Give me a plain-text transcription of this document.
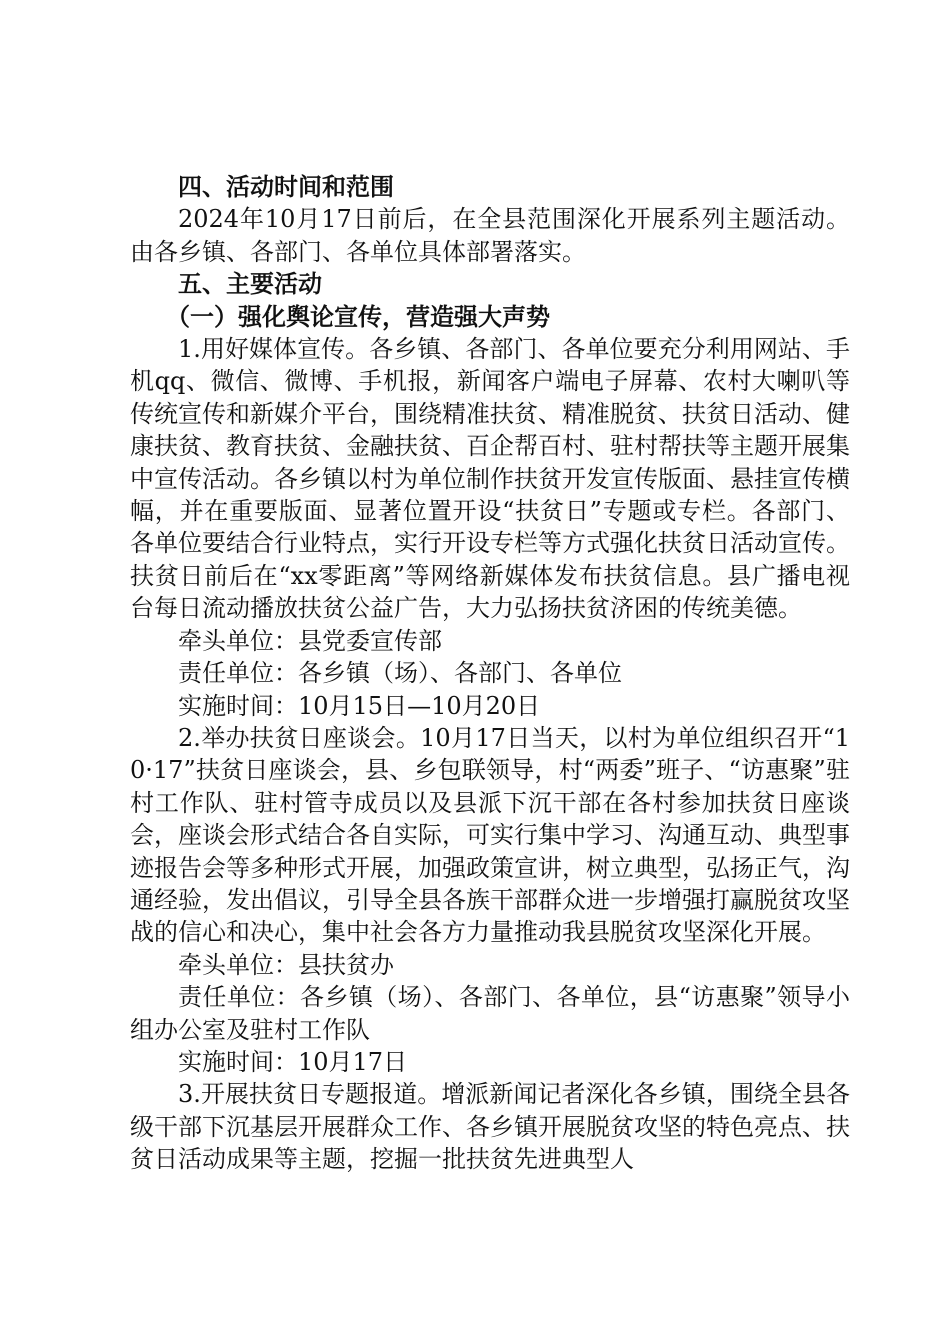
四、活动时间和范围

2024年10月17日前后，在全县范围深化开展系列主题活动。由各乡镇、各部门、各单位具体部署落实。

五、主要活动

（一）强化舆论宣传，营造强大声势

1.用好媒体宣传。各乡镇、各部门、各单位要充分利用网站、手机qq、微信、微博、手机报，新闻客户端电子屏幕、农村大喇叭等传统宣传和新媒介平台，围绕精准扶贫、精准脱贫、扶贫日活动、健康扶贫、教育扶贫、金融扶贫、百企帮百村、驻村帮扶等主题开展集中宣传活动。各乡镇以村为单位制作扶贫开发宣传版面、悬挂宣传横幅，并在重要版面、显著位置开设“扶贫日”专题或专栏。各部门、各单位要结合行业特点，实行开设专栏等方式强化扶贫日活动宣传。扶贫日前后在“xx零距离”等网络新媒体发布扶贫信息。县广播电视台每日流动播放扶贫公益广告，大力弘扬扶贫济困的传统美德。

牵头单位：县党委宣传部

责任单位：各乡镇（场）、各部门、各单位

实施时间：10月15日—10月20日

2.举办扶贫日座谈会。10月17日当天，以村为单位组织召开“10·17”扶贫日座谈会，县、乡包联领导，村“两委”班子、“访惠聚”驻村工作队、驻村管寺成员以及县派下沉干部在各村参加扶贫日座谈会，座谈会形式结合各自实际，可实行集中学习、沟通互动、典型事迹报告会等多种形式开展，加强政策宣讲，树立典型，弘扬正气，沟通经验，发出倡议，引导全县各族干部群众进一步增强打赢脱贫攻坚战的信心和决心，集中社会各方力量推动我县脱贫攻坚深化开展。

牵头单位：县扶贫办

责任单位：各乡镇（场）、各部门、各单位，县“访惠聚”领导小组办公室及驻村工作队

实施时间：10月17日

3.开展扶贫日专题报道。增派新闻记者深化各乡镇，围绕全县各级干部下沉基层开展群众工作、各乡镇开展脱贫攻坚的特色亮点、扶贫日活动成果等主题，挖掘一批扶贫先进典型人
